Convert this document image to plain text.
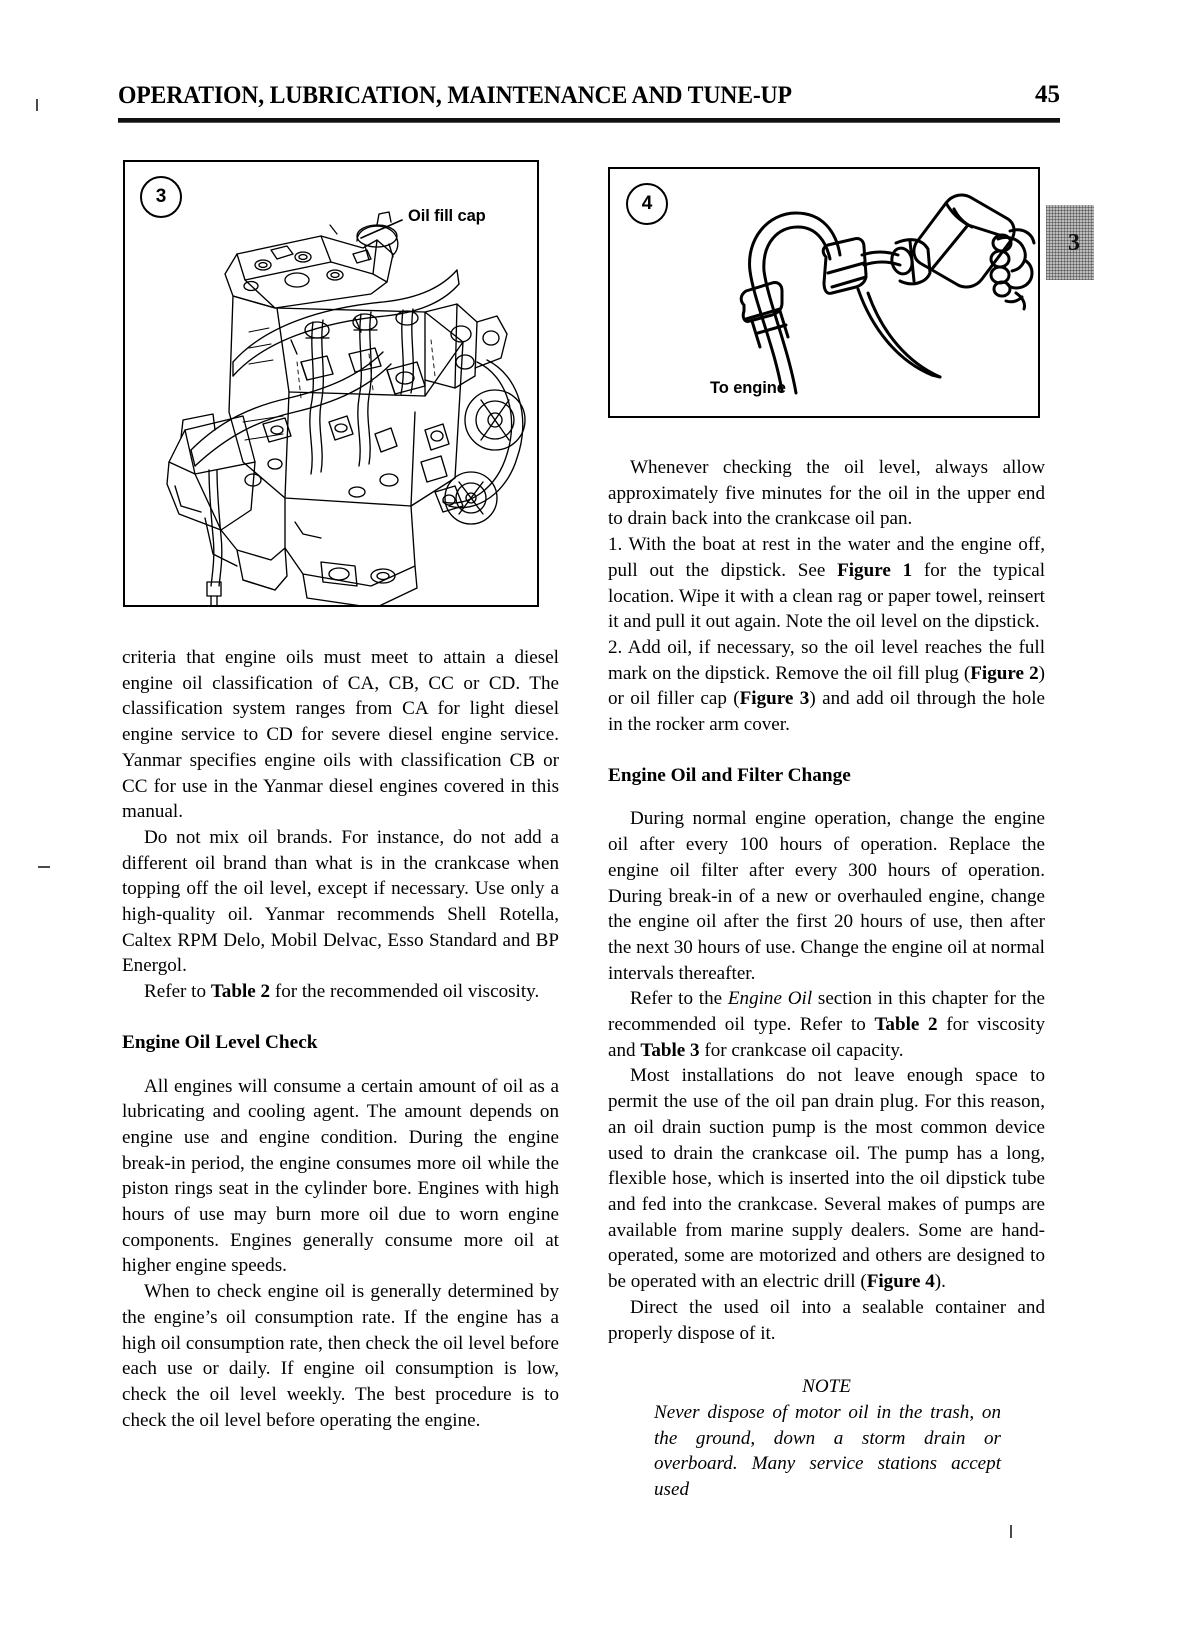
OPERATION, LUBRICATION, MAINTENANCE AND TUNE-UP	45
3
Oil fill cap
4
To engine
3

criteria that engine oils must meet to attain a diesel engine oil classification of CA, CB, CC or CD. The classification system ranges from CA for light diesel engine service to CD for severe diesel engine service. Yanmar specifies engine oils with classification CB or CC for use in the Yanmar diesel engines covered in this manual.

Do not mix oil brands. For instance, do not add a different oil brand than what is in the crankcase when topping off the oil level, except if necessary. Use only a high-quality oil. Yanmar recommends Shell Rotella, Caltex RPM Delo, Mobil Delvac, Esso Standard and BP Energol.

Refer to Table 2 for the recommended oil viscosity.

Engine Oil Level Check

All engines will consume a certain amount of oil as a lubricating and cooling agent. The amount depends on engine use and engine condition. During the engine break-in period, the engine consumes more oil while the piston rings seat in the cylinder bore. Engines with high hours of use may burn more oil due to worn engine components. Engines generally consume more oil at higher engine speeds.

When to check engine oil is generally determined by the engine’s oil consumption rate. If the engine has a high oil consumption rate, then check the oil level before each use or daily. If engine oil consumption is low, check the oil level weekly. The best procedure is to check the oil level before operating the engine.

Whenever checking the oil level, always allow approximately five minutes for the oil in the upper end to drain back into the crankcase oil pan.

1. With the boat at rest in the water and the engine off, pull out the dipstick. See Figure 1 for the typical location. Wipe it with a clean rag or paper towel, reinsert it and pull it out again. Note the oil level on the dipstick.

2. Add oil, if necessary, so the oil level reaches the full mark on the dipstick. Remove the oil fill plug (Figure 2) or oil filler cap (Figure 3) and add oil through the hole in the rocker arm cover.

Engine Oil and Filter Change

During normal engine operation, change the engine oil after every 100 hours of operation. Replace the engine oil filter after every 300 hours of operation. During break-in of a new or overhauled engine, change the engine oil after the first 20 hours of use, then after the next 30 hours of use. Change the engine oil at normal intervals thereafter.

Refer to the Engine Oil section in this chapter for the recommended oil type. Refer to Table 2 for viscosity and Table 3 for crankcase oil capacity.

Most installations do not leave enough space to permit the use of the oil pan drain plug. For this reason, an oil drain suction pump is the most common device used to drain the crankcase oil. The pump has a long, flexible hose, which is inserted into the oil dipstick tube and fed into the crankcase. Several makes of pumps are available from marine supply dealers. Some are hand-operated, some are motorized and others are designed to be operated with an electric drill (Figure 4).

Direct the used oil into a sealable container and properly dispose of it.

NOTE

Never dispose of motor oil in the trash, on the ground, down a storm drain or overboard. Many service stations accept used
